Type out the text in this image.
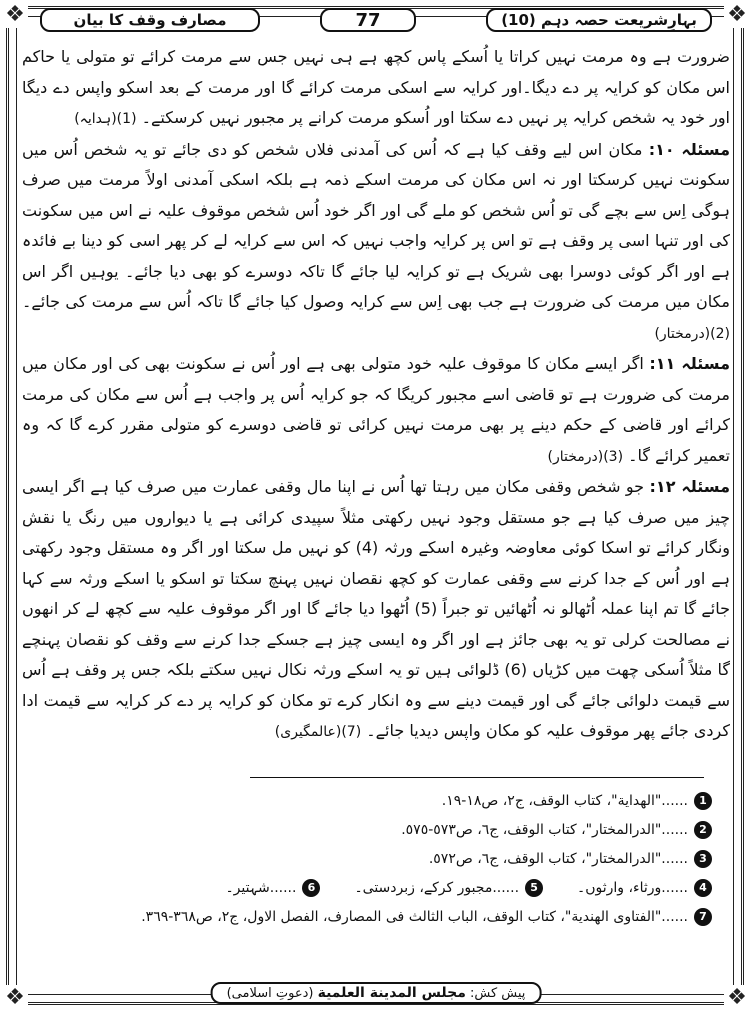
❖	❖
❖	❖
بہارِشریعت حصہ دہم (10)
77
مصارف وقف کا بیان

ضرورت ہے وہ مرمت نہیں کراتا یا اُسکے پاس کچھ ہے ہی نہیں جس سے مرمت کرائے تو متولی یا حاکم اس مکان کو کرایہ پر دے دیگا۔اور کرایہ سے اسکی مرمت کرائے گا اور مرمت کے بعد اسکو واپس دے دیگا اور خود یہ شخص کرایہ پر نہیں دے سکتا اور اُسکو مرمت کرانے پر مجبور نہیں کرسکتے۔ (1)(ہدایہ)

مسئلہ ۱۰: مکان اس لیے وقف کیا ہے کہ اُس کی آمدنی فلاں شخص کو دی جائے تو یہ شخص اُس میں سکونت نہیں کرسکتا اور نہ اس مکان کی مرمت اسکے ذمہ ہے بلکہ اسکی آمدنی اولاً مرمت میں صرف ہوگی اِس سے بچے گی تو اُس شخص کو ملے گی اور اگر خود اُس شخص موقوف علیہ نے اس میں سکونت کی اور تنہا اسی پر وقف ہے تو اس پر کرایہ واجب نہیں کہ اس سے کرایہ لے کر پھر اسی کو دینا بے فائدہ ہے اور اگر کوئی دوسرا بھی شریک ہے تو کرایہ لیا جائے گا تاکہ دوسرے کو بھی دیا جائے۔ یوہیں اگر اس مکان میں مرمت کی ضرورت ہے جب بھی اِس سے کرایہ وصول کیا جائے گا تاکہ اُس سے مرمت کی جائے۔ (2)(درمختار)

مسئلہ ۱۱: اگر ایسے مکان کا موقوف علیہ خود متولی بھی ہے اور اُس نے سکونت بھی کی اور مکان میں مرمت کی ضرورت ہے تو قاضی اسے مجبور کریگا کہ جو کرایہ اُس پر واجب ہے اُس سے مکان کی مرمت کرائے اور قاضی کے حکم دینے پر بھی مرمت نہیں کرائی تو قاضی دوسرے کو متولی مقرر کرے گا کہ وہ تعمیر کرائے گا۔ (3)(درمختار)

مسئلہ ۱۲: جو شخص وقفی مکان میں رہتا تھا اُس نے اپنا مال وقفی عمارت میں صرف کیا ہے اگر ایسی چیز میں صرف کیا ہے جو مستقل وجود نہیں رکھتی مثلاً سپیدی کرائی ہے یا دیواروں میں رنگ یا نقش ونگار کرائے تو اسکا کوئی معاوضہ وغیرہ اسکے ورثہ (4) کو نہیں مل سکتا اور اگر وہ مستقل وجود رکھتی ہے اور اُس کے جدا کرنے سے وقفی عمارت کو کچھ نقصان نہیں پہنچ سکتا تو اسکو یا اسکے ورثہ سے کہا جائے گا تم اپنا عملہ اُٹھالو نہ اُٹھائیں تو جبراً (5) اُٹھوا دیا جائے گا اور اگر موقوف علیہ سے کچھ لے کر انھوں نے مصالحت کرلی تو یہ بھی جائز ہے اور اگر وہ ایسی چیز ہے جسکے جدا کرنے سے وقف کو نقصان پہنچے گا مثلاً اُسکی چھت میں کڑیاں (6) ڈلوائی ہیں تو یہ اسکے ورثہ نکال نہیں سکتے بلکہ جس پر وقف ہے اُس سے قیمت دلوائی جائے گی اور قیمت دینے سے وہ انکار کرے تو مکان کو کرایہ پر دے کر کرایہ سے قیمت ادا کردی جائے پھر موقوف علیہ کو مکان واپس دیدیا جائے۔ (7)(عالمگیری)

1
......"الهداية"، كتاب الوقف، ج٢، ص١٨-١٩.
2
......"الدرالمختار"، كتاب الوقف، ج٦، ص٥٧٣-٥٧٥.
3
......"الدرالمختار"، كتاب الوقف، ج٦، ص٥٧٢.
4
......ورثاء، وارثوں۔
5
......مجبور کرکے، زبردستی۔
6
......شہتیر۔
7
......"الفتاوى الهندية"، كتاب الوقف، الباب الثالث فى المصارف، الفصل الاول، ج٢، ص٣٦٨-٣٦٩.
پیش کش: مجلس المدينة العلمية (دعوتِ اسلامی)
